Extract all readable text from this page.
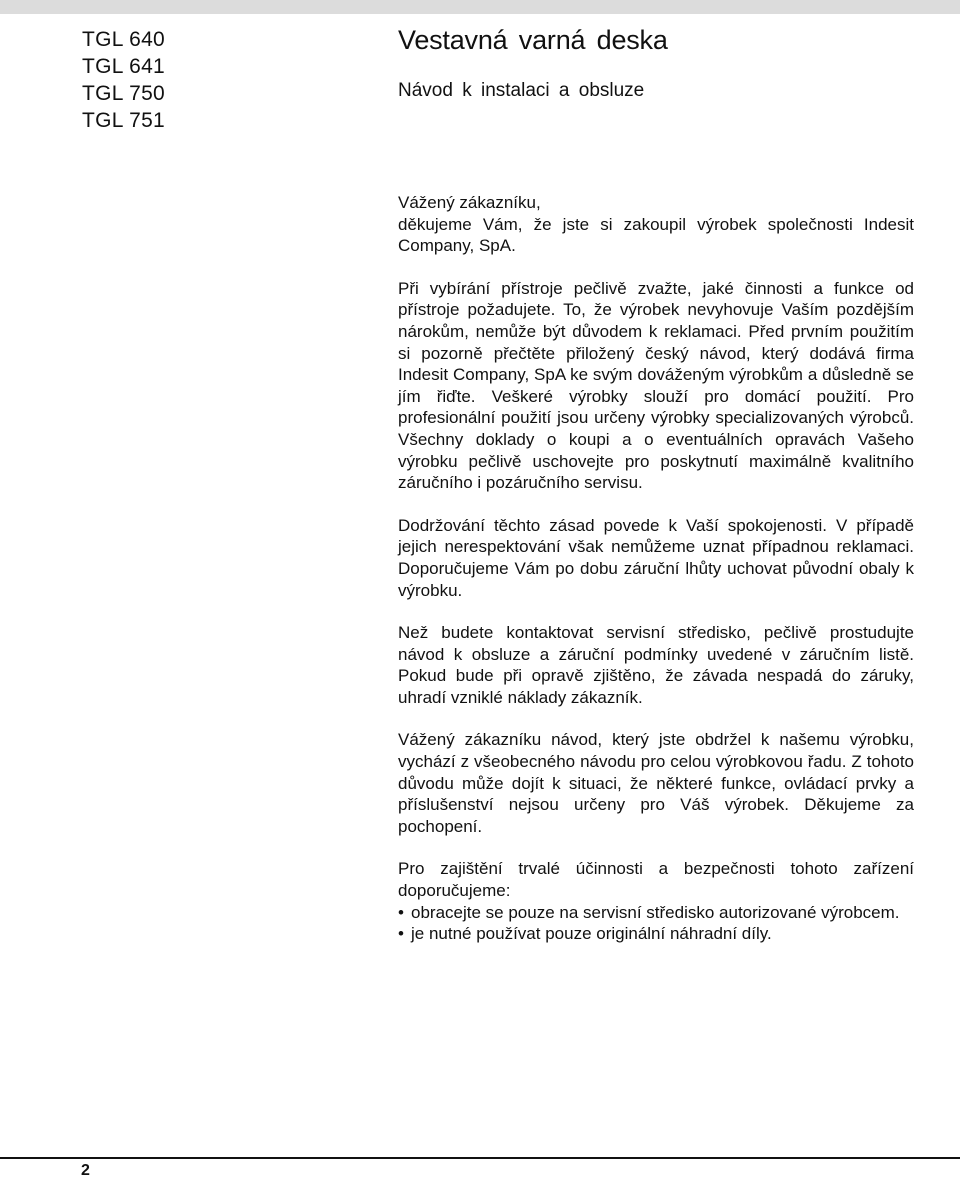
TGL 640
TGL 641
TGL 750
TGL 751
Vestavná varná deska

Návod k instalaci a obsluze

Vážený zákazníku,
děkujeme Vám, že jste si zakoupil výrobek společnosti Indesit Company, SpA.

Při vybírání přístroje pečlivě zvažte, jaké činnosti a funkce od přístroje požadujete. To, že výrobek nevyhovuje Vaším pozdějším nárokům, nemůže být důvodem k reklamaci. Před prvním použitím si pozorně přečtěte přiložený český návod, který dodává firma Indesit Company, SpA ke svým dováženým výrobkům a důsledně se jím řiďte. Veškeré výrobky slouží pro domácí použití. Pro profesionální použití jsou určeny výrobky specializovaných výrobců. Všechny doklady o koupi a o eventuálních opravách Vašeho výrobku pečlivě uschovejte pro poskytnutí maximálně kvalitního záručního i pozáručního servisu.

Dodržování těchto zásad povede k Vaší spokojenosti. V případě jejich nerespektování však nemůžeme uznat případnou reklamaci. Doporučujeme Vám po dobu záruční lhůty uchovat původní obaly k výrobku.

Než budete kontaktovat servisní středisko, pečlivě prostudujte návod k obsluze a záruční podmínky uvedené v záručním listě. Pokud bude při opravě zjištěno, že závada nespadá do záruky, uhradí vzniklé náklady zákazník.

Vážený zákazníku návod, který jste obdržel k našemu výrobku, vychází z všeobecného návodu pro celou výrobkovou řadu. Z tohoto důvodu může dojít k situaci, že některé funkce, ovládací prvky a příslušenství nejsou určeny pro Váš výrobek. Děkujeme za pochopení.

Pro zajištění trvalé účinnosti a bezpečnosti tohoto zařízení doporučujeme:

• obracejte se pouze na servisní středisko autorizované výrobcem.
• je nutné používat pouze originální náhradní díly.
2
